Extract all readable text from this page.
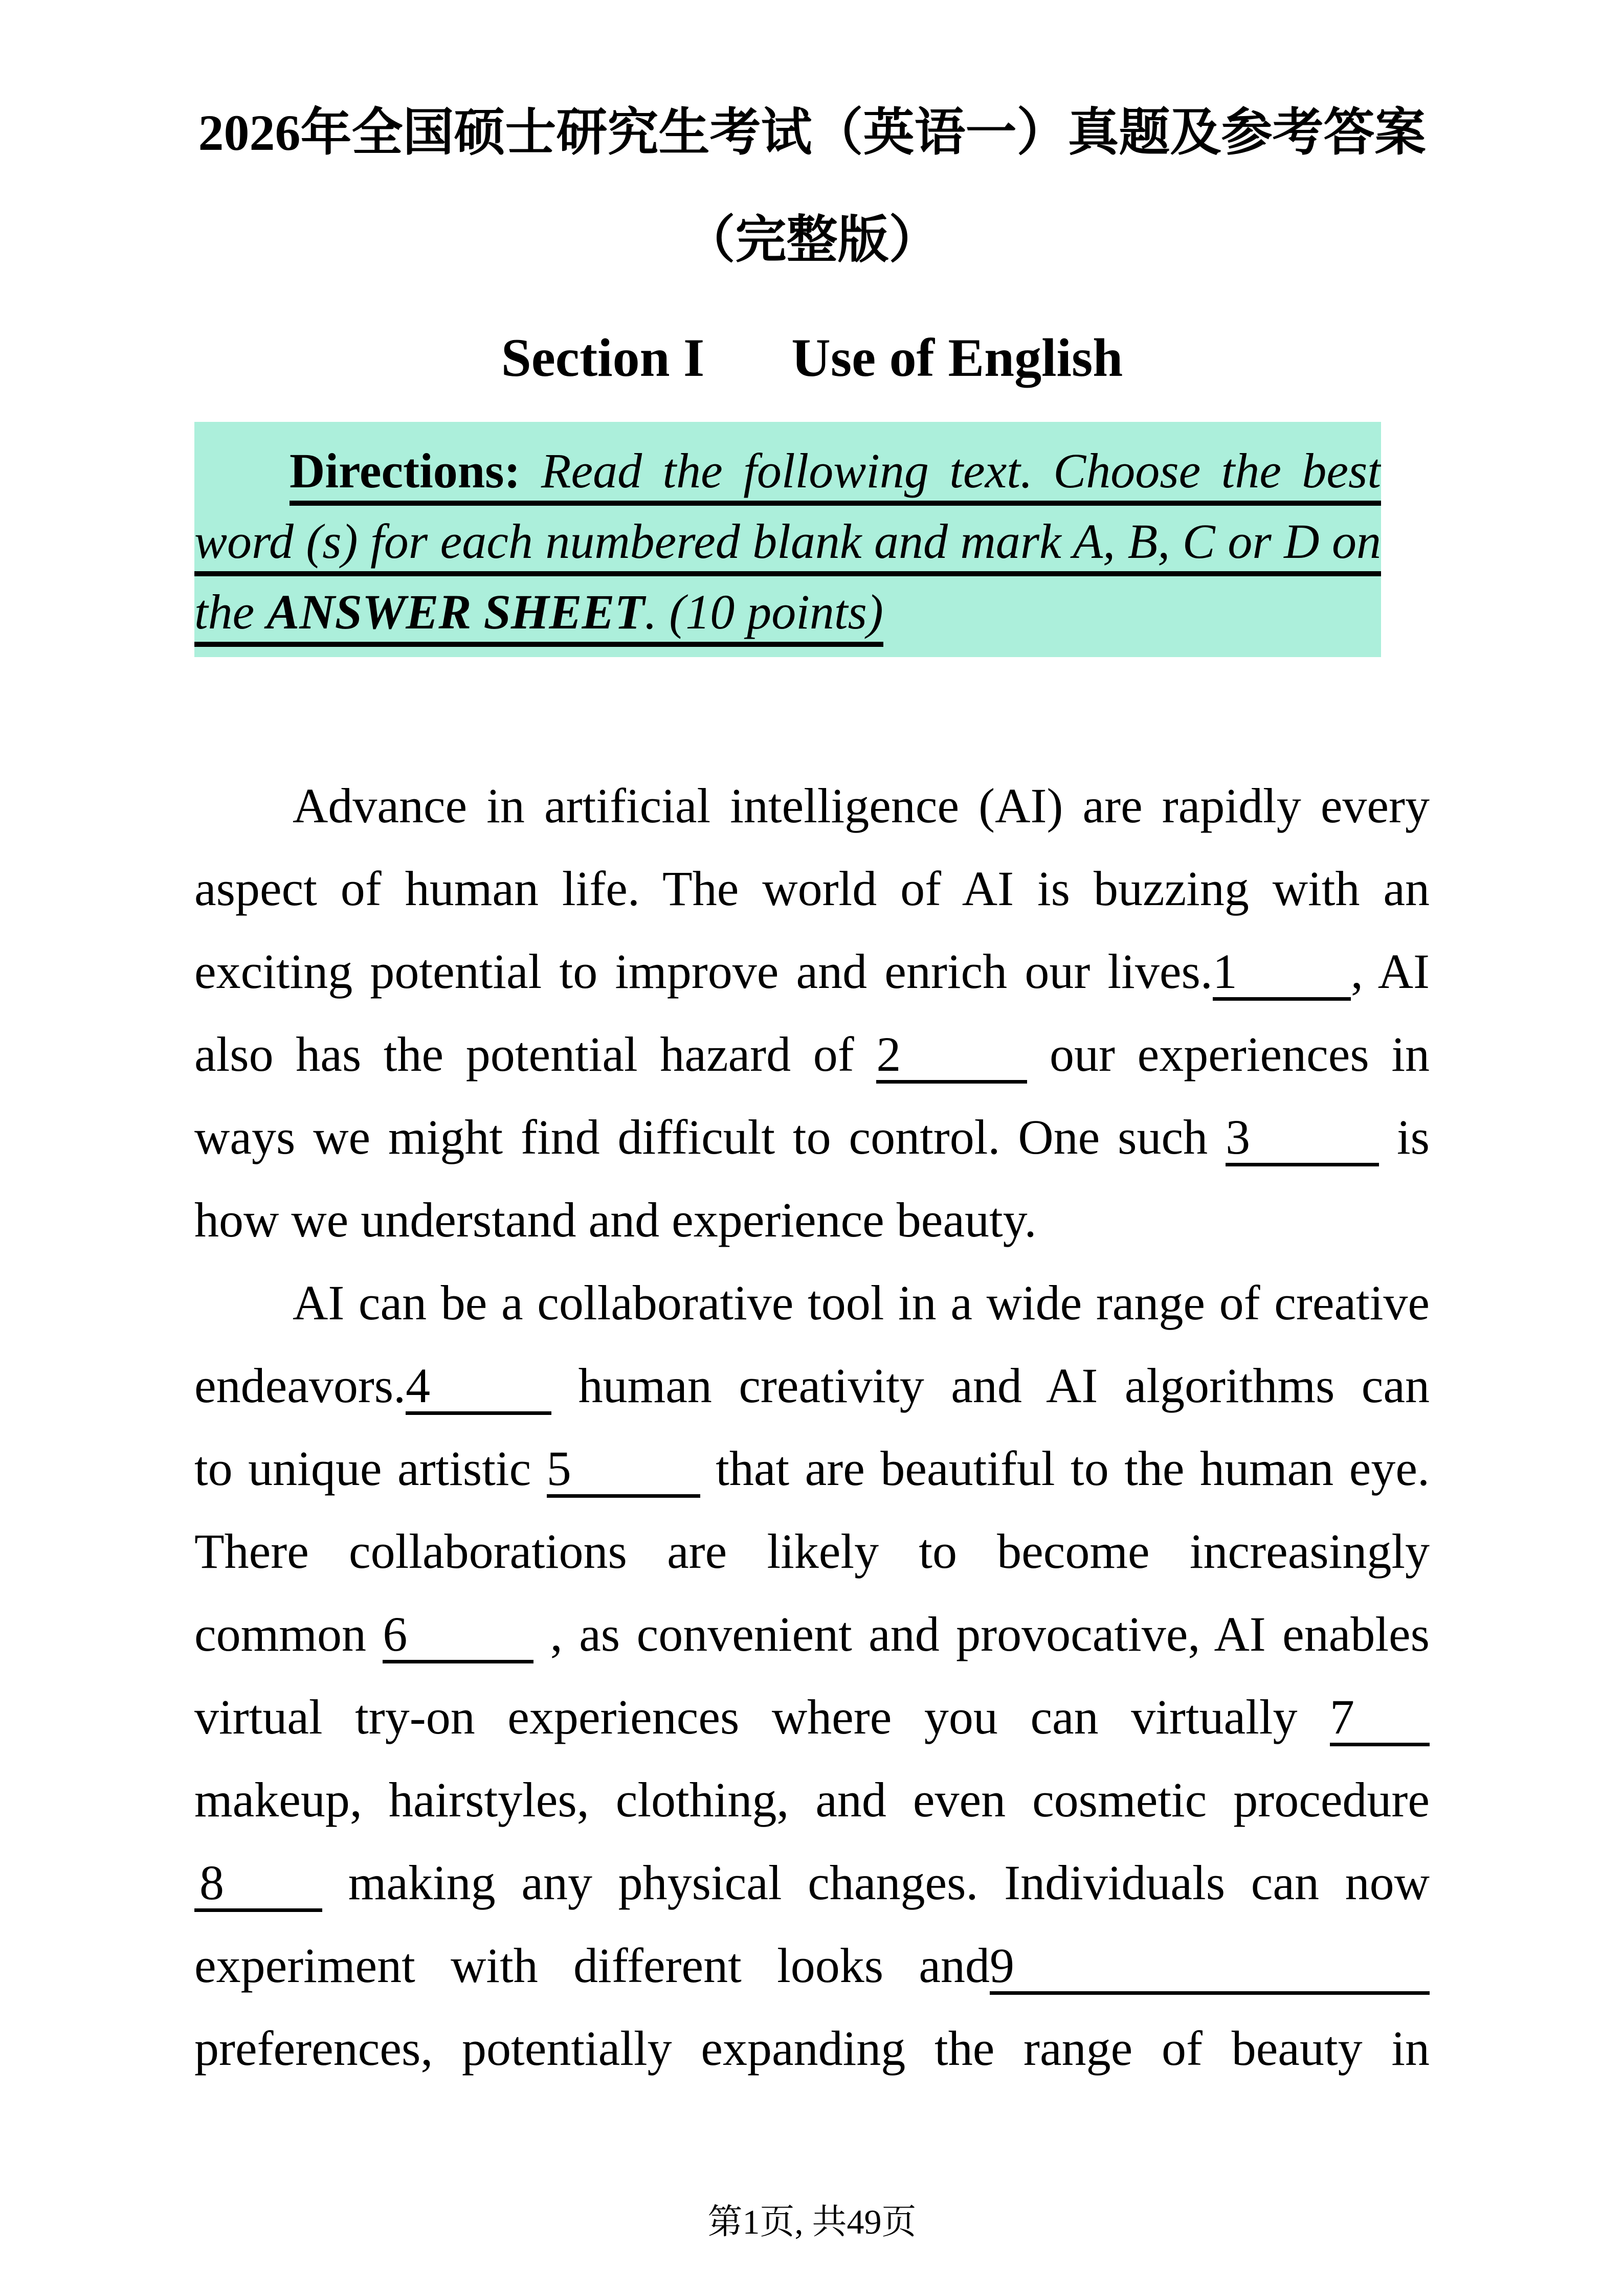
2026年全国硕士研究生考试（英语一）真题及参考答案
（完整版）
Section I Use of English
Directions: Read the following text. Choose the best
word (s) for each numbered blank and mark A, B, C or D on
the ANSWER SHEET. (10 points)
Advance in artificial intelligence (AI) are rapidly every
aspect of human life. The world of AI is buzzing with an
exciting potential to improve and enrich our lives.1 , AI
also has the potential hazard of 2	our experiences in
ways we might find difficult to control. One such 3	is
how we understand and experience beauty.
AI can be a collaborative tool in a wide range of creative
endeavors.4	human creativity and AI algorithms can
to unique artistic 5	that are beautiful to the human eye.
There collaborations are likely to become increasingly
common 6	, as convenient and provocative, AI enables
virtual try-on experiences where you can virtually 7
makeup, hairstyles, clothing, and even cosmetic procedure
8 making any physical changes. Individuals can now
experiment with different looks and9
preferences, potentially expanding the range of beauty in
第1页, 共49页
